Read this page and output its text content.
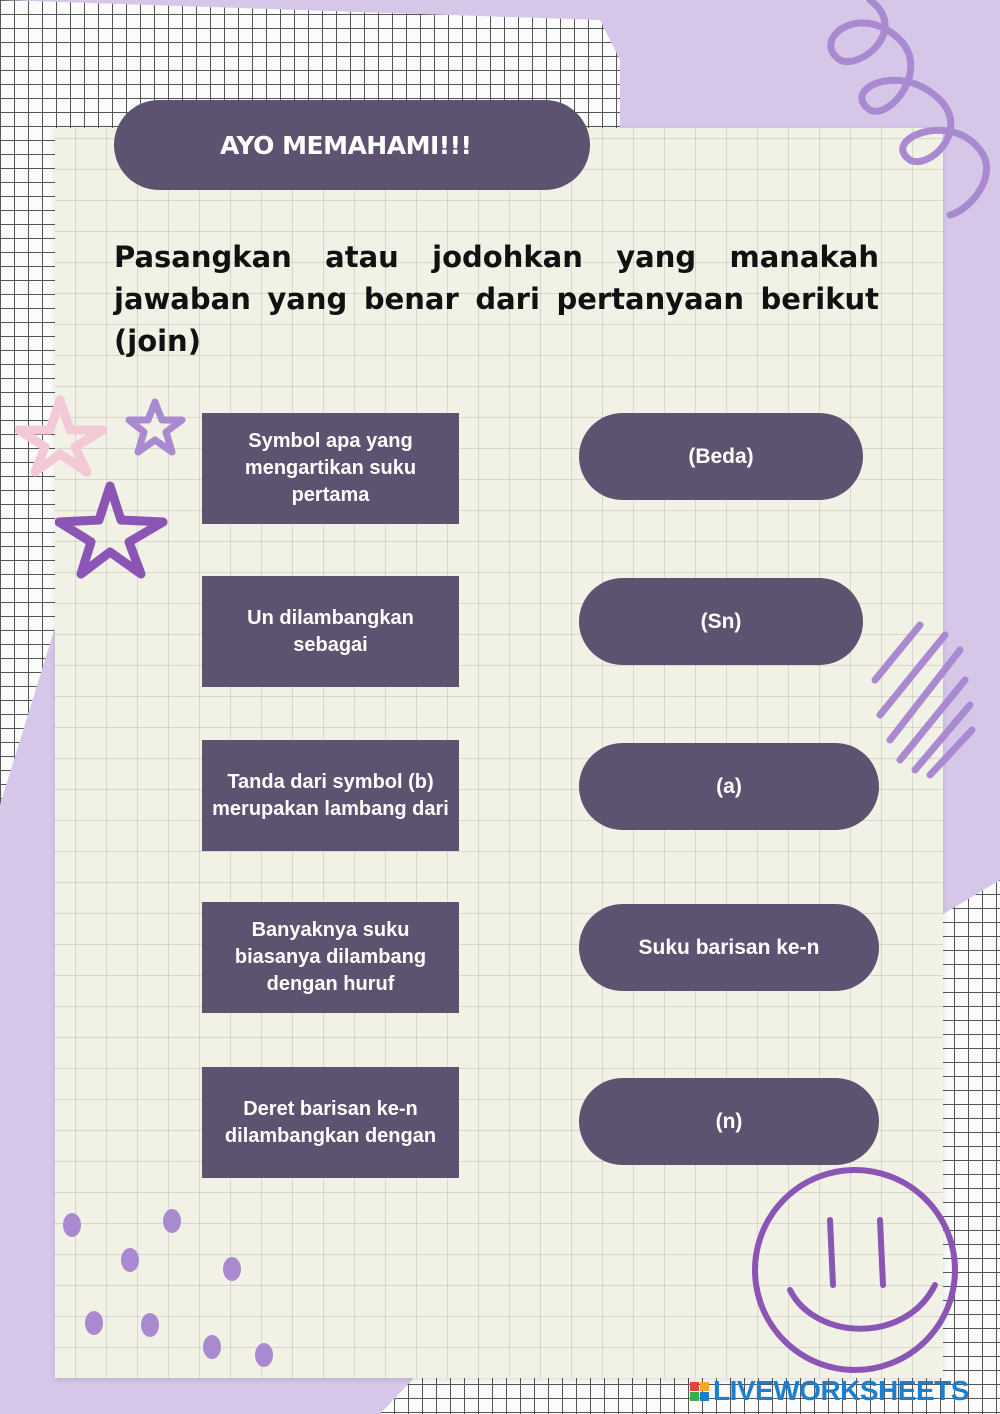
AYO MEMAHAMI!!!
Pasangkan atau jodohkan yang manakah jawaban yang benar dari pertanyaan berikut (join)
Symbol apa yang mengartikan suku pertama
Un dilambangkan sebagai
Tanda dari symbol (b) merupakan lambang dari
Banyaknya suku biasanya dilambang dengan huruf
Deret barisan ke-n dilambangkan dengan
(Beda)
(Sn)
(a)
Suku barisan ke-n
(n)
LIVEWORKSHEETS
